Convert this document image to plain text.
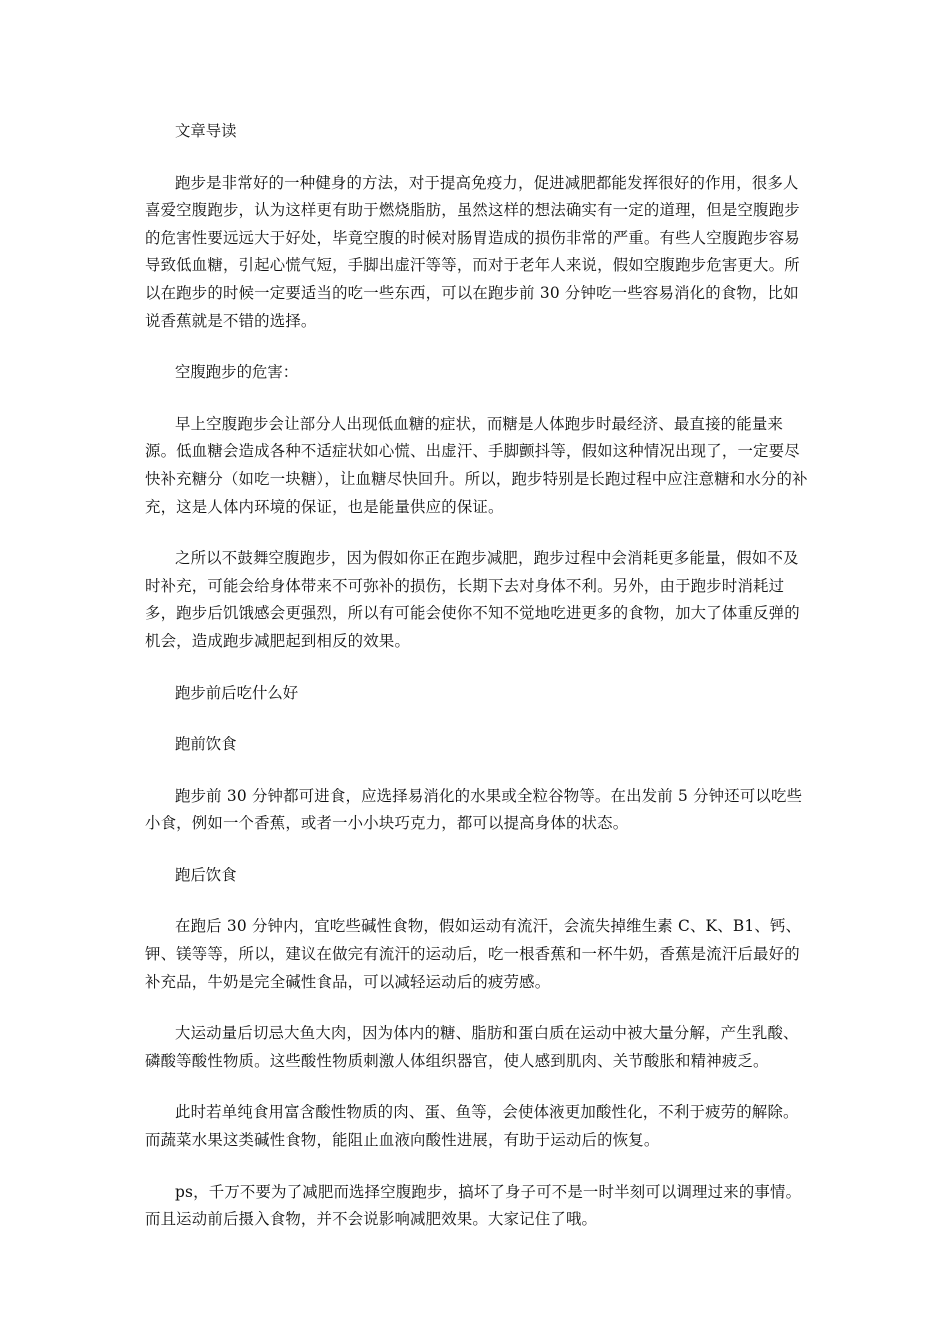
文章导读
跑步是非常好的一种健身的方法，对于提高免疫力，促进减肥都能发挥很好的作用，很多人喜爱空腹跑步，认为这样更有助于燃烧脂肪，虽然这样的想法确实有一定的道理，但是空腹跑步的危害性要远远大于好处，毕竟空腹的时候对肠胃造成的损伤非常的严重。有些人空腹跑步容易导致低血糖，引起心慌气短，手脚出虚汗等等，而对于老年人来说，假如空腹跑步危害更大。所以在跑步的时候一定要适当的吃一些东西，可以在跑步前 30 分钟吃一些容易消化的食物，比如说香蕉就是不错的选择。
空腹跑步的危害：
早上空腹跑步会让部分人出现低血糖的症状，而糖是人体跑步时最经济、最直接的能量来源。低血糖会造成各种不适症状如心慌、出虚汗、手脚颤抖等，假如这种情况出现了，一定要尽快补充糖分（如吃一块糖），让血糖尽快回升。所以，跑步特别是长跑过程中应注意糖和水分的补充，这是人体内环境的保证，也是能量供应的保证。
之所以不鼓舞空腹跑步，因为假如你正在跑步减肥，跑步过程中会消耗更多能量，假如不及时补充，可能会给身体带来不可弥补的损伤，长期下去对身体不利。另外，由于跑步时消耗过多，跑步后饥饿感会更强烈，所以有可能会使你不知不觉地吃进更多的食物，加大了体重反弹的机会，造成跑步减肥起到相反的效果。
跑步前后吃什么好
跑前饮食
跑步前 30 分钟都可进食，应选择易消化的水果或全粒谷物等。在出发前 5 分钟还可以吃些小食，例如一个香蕉，或者一小小块巧克力，都可以提高身体的状态。
跑后饮食
在跑后 30 分钟内，宜吃些碱性食物，假如运动有流汗，会流失掉维生素 C、K、B1、钙、钾、镁等等，所以，建议在做完有流汗的运动后，吃一根香蕉和一杯牛奶，香蕉是流汗后最好的补充品，牛奶是完全碱性食品，可以减轻运动后的疲劳感。
大运动量后切忌大鱼大肉，因为体内的糖、脂肪和蛋白质在运动中被大量分解，产生乳酸、磷酸等酸性物质。这些酸性物质刺激人体组织器官，使人感到肌肉、关节酸胀和精神疲乏。
此时若单纯食用富含酸性物质的肉、蛋、鱼等，会使体液更加酸性化，不利于疲劳的解除。而蔬菜水果这类碱性食物，能阻止血液向酸性进展，有助于运动后的恢复。
ps，千万不要为了减肥而选择空腹跑步，搞坏了身子可不是一时半刻可以调理过来的事情。而且运动前后摄入食物，并不会说影响减肥效果。大家记住了哦。
